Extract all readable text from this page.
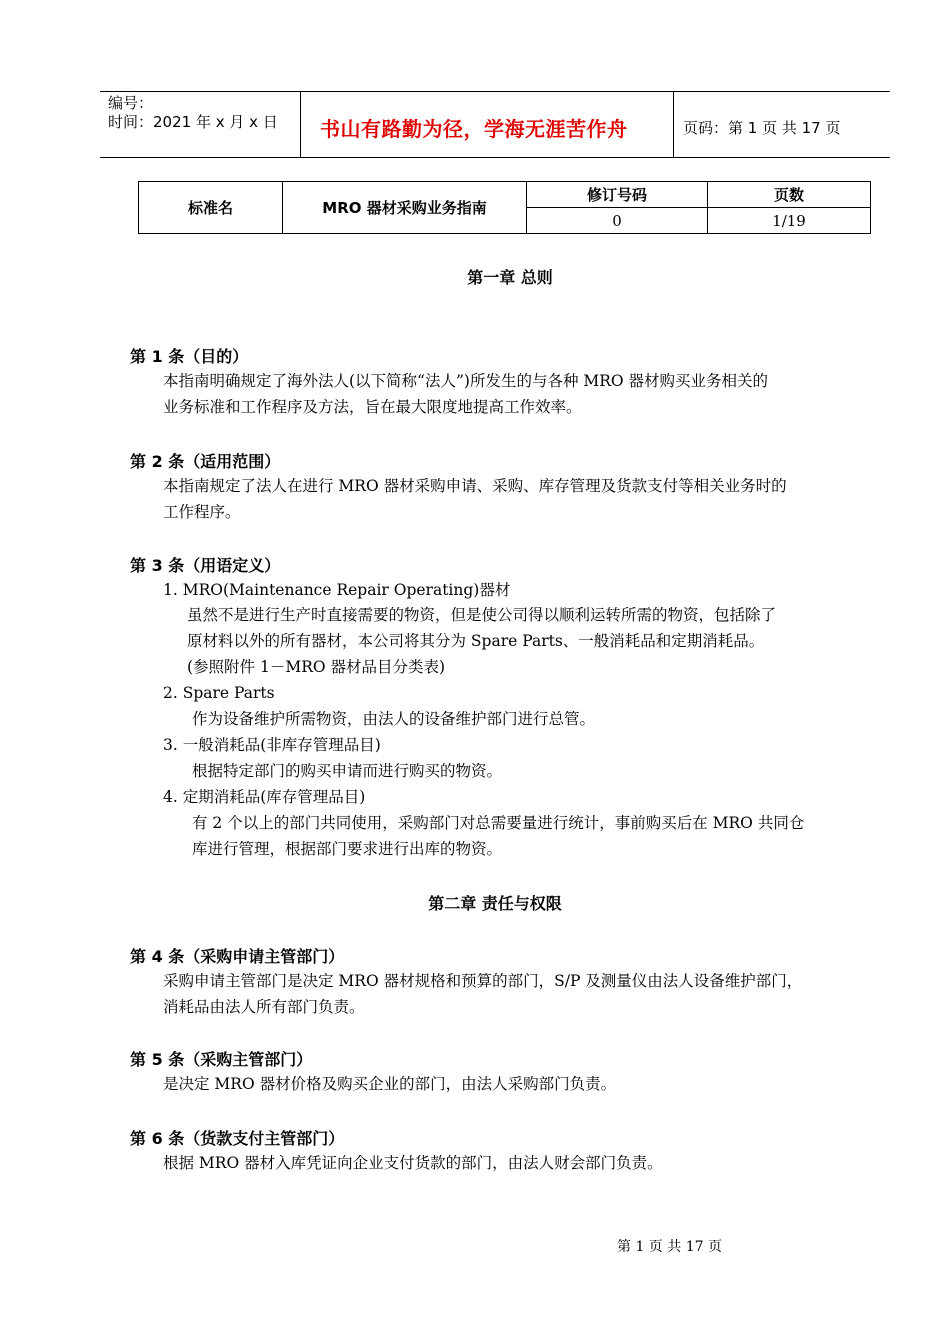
编号：
时间：2021 年 x 月 x 日 书山有路勤为径，学海无涯苦作舟	页码：第 1 页 共 17 页
标准名	MRO 器材采购业务指南	修订号码	页数
		0	1/19
第一章 总则
第 1 条（目的）
本指南明确规定了海外法人(以下简称“法人”)所发生的与各种 MRO 器材购买业务相关的
业务标准和工作程序及方法，旨在最大限度地提高工作效率。
第 2 条（适用范围）
本指南规定了法人在进行 MRO 器材采购申请、采购、库存管理及货款支付等相关业务时的
工作程序。
第 3 条（用语定义）
1. MRO(Maintenance Repair Operating)器材
虽然不是进行生产时直接需要的物资，但是使公司得以顺利运转所需的物资，包括除了
原材料以外的所有器材，本公司将其分为 Spare Parts、一般消耗品和定期消耗品。
(参照附件 1－MRO 器材品目分类表)
2. Spare Parts
作为设备维护所需物资，由法人的设备维护部门进行总管。
3. 一般消耗品(非库存管理品目)
根据特定部门的购买申请而进行购买的物资。
4. 定期消耗品(库存管理品目)
有 2 个以上的部门共同使用，采购部门对总需要量进行统计，事前购买后在 MRO 共同仓
库进行管理，根据部门要求进行出库的物资。
第二章 责任与权限
第 4 条（采购申请主管部门）
采购申请主管部门是决定 MRO 器材规格和预算的部门，S/P 及测量仪由法人设备维护部门，
消耗品由法人所有部门负责。
第 5 条（采购主管部门）
是决定 MRO 器材价格及购买企业的部门，由法人采购部门负责。
第 6 条（货款支付主管部门）
根据 MRO 器材入库凭证向企业支付货款的部门，由法人财会部门负责。
第 1 页 共 17 页
